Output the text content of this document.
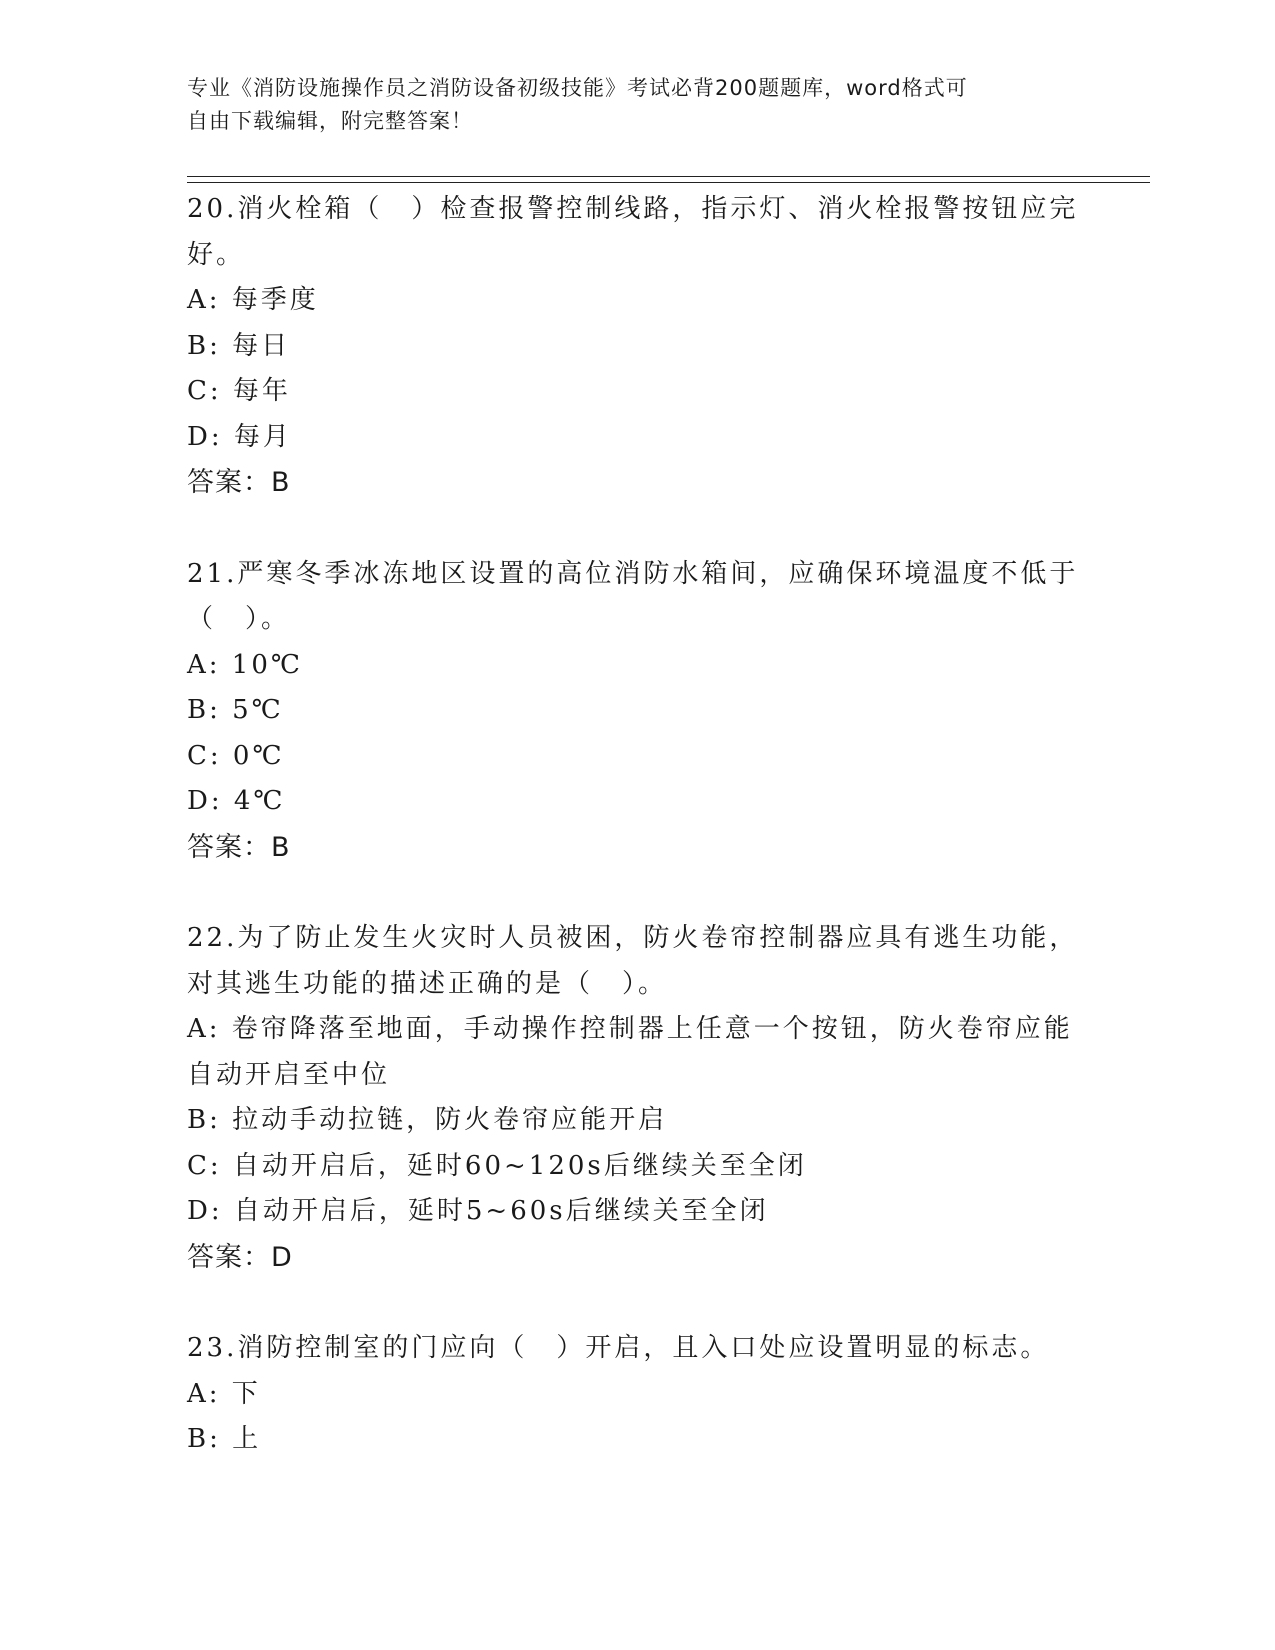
专业《消防设施操作员之消防设备初级技能》考试必背200题题库，word格式可
自由下载编辑，附完整答案！
20.消火栓箱（　）检查报警控制线路，指示灯、消火栓报警按钮应完
好。
A: 每季度
B: 每日
C: 每年
D: 每月
答案：B
21.严寒冬季冰冻地区设置的高位消防水箱间，应确保环境温度不低于
（　）。
A: 10℃
B: 5℃
C: 0℃
D: 4℃
答案：B
22.为了防止发生火灾时人员被困，防火卷帘控制器应具有逃生功能，
对其逃生功能的描述正确的是（　）。
A: 卷帘降落至地面，手动操作控制器上任意一个按钮，防火卷帘应能
自动开启至中位
B: 拉动手动拉链，防火卷帘应能开启
C: 自动开启后，延时60~120s后继续关至全闭
D: 自动开启后，延时5~60s后继续关至全闭
答案：D
23.消防控制室的门应向（　）开启，且入口处应设置明显的标志。
A: 下
B: 上
